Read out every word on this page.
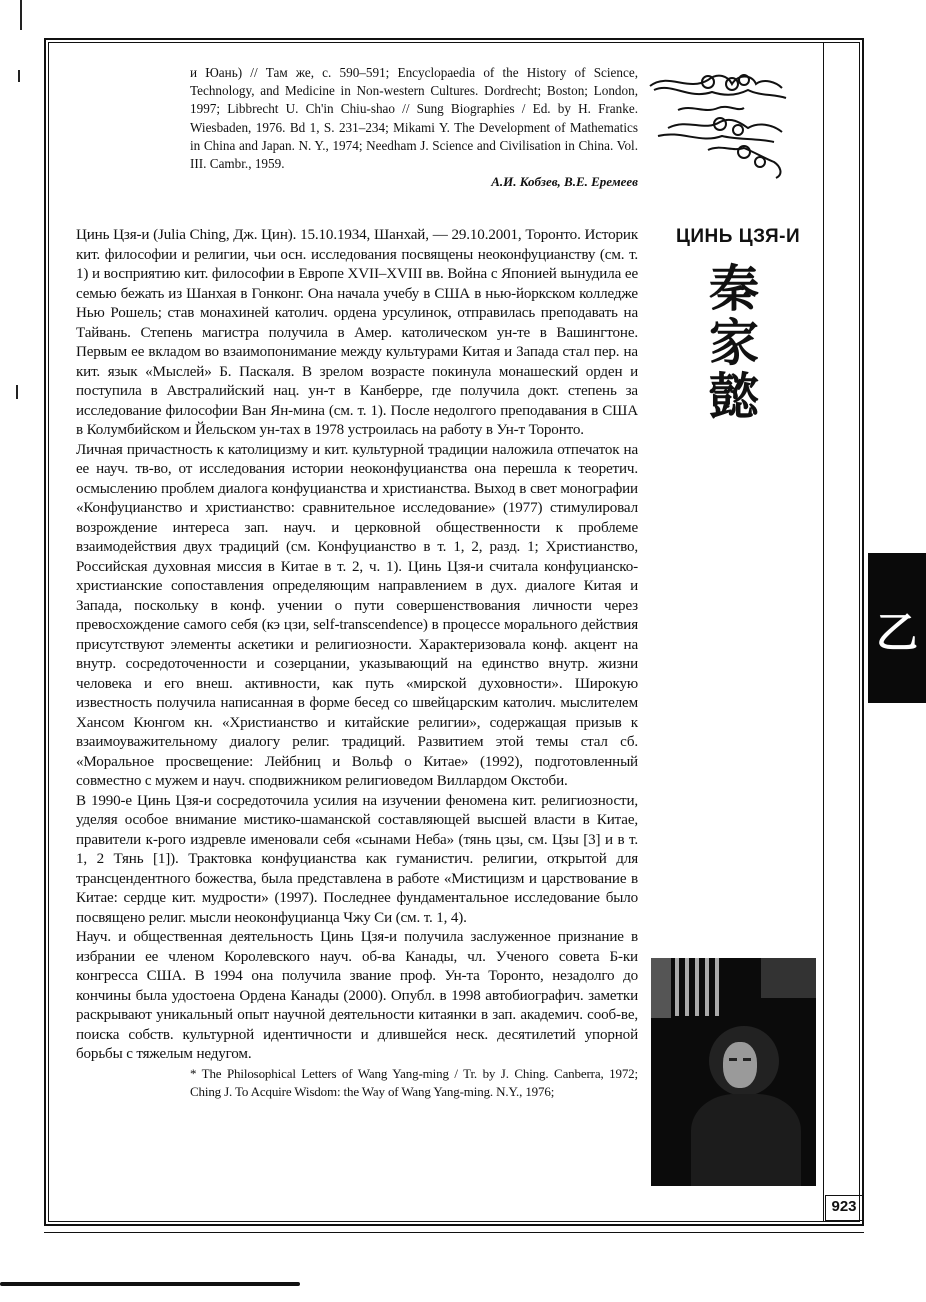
и Юань) // Там же, с. 590–591; Encyclopaedia of the History of Science, Technology, and Medicine in Non-western Cultures. Dordrecht; Boston; London, 1997; Libbrecht U. Ch'in Chiu-shao // Sung Biographies / Ed. by H. Franke. Wiesbaden, 1976. Bd 1, S. 231–234; Mikami Y. The Development of Mathematics in China and Japan. N. Y., 1974; Needham J. Science and Civilisation in China. Vol. III. Cambr., 1959.

А.И. Кобзев, В.Е. Еремеев
ЦИНЬ ЦЗЯ-И
秦
家
懿

Цинь Цзя-и (Julia Ching, Дж. Цин). 15.10.1934, Шанхай, — 29.10.2001, Торонто. Историк кит. философии и религии, чьи осн. исследования посвящены неоконфуцианству (см. т. 1) и восприятию кит. философии в Европе XVII–XVIII вв. Война с Японией вынудила ее семью бежать из Шанхая в Гонконг. Она начала учебу в США в нью-йоркском колледже Нью Рошель; став монахиней католич. ордена урсулинок, отправилась преподавать на Тайвань. Степень магистра получила в Амер. католическом ун-те в Вашингтоне. Первым ее вкладом во взаимопонимание между культурами Китая и Запада стал пер. на кит. язык «Мыслей» Б. Паскаля. В зрелом возрасте покинула монашеский орден и поступила в Австралийский нац. ун-т в Канберре, где получила докт. степень за исследование философии Ван Ян-мина (см. т. 1). После недолгого преподавания в США в Колумбийском и Йельском ун-тах в 1978 устроилась на работу в Ун-т Торонто.

Личная причастность к католицизму и кит. культурной традиции наложила отпечаток на ее науч. тв-во, от исследования истории неоконфуцианства она перешла к теоретич. осмыслению проблем диалога конфуцианства и христианства. Выход в свет монографии «Конфуцианство и христианство: сравнительное исследование» (1977) стимулировал возрождение интереса зап. науч. и церковной общественности к проблеме взаимодействия двух традиций (см. Конфуцианство в т. 1, 2, разд. 1; Христианство, Российская духовная миссия в Китае в т. 2, ч. 1). Цинь Цзя-и считала конфуцианско-христианские сопоставления определяющим направлением в дух. диалоге Китая и Запада, поскольку в конф. учении о пути совершенствования личности через превосхождение самого себя (кэ цзи, self-transcendence) в процессе морального действия присутствуют элементы аскетики и религиозности. Характеризовала конф. акцент на внутр. сосредоточенности и созерцании, указывающий на единство внутр. жизни человека и его внеш. активности, как путь «мирской духовности». Широкую известность получила написанная в форме бесед со швейцарским католич. мыслителем Хансом Кюнгом кн. «Христианство и китайские религии», содержащая призыв к взаимоуважительному диалогу религ. традиций. Развитием этой темы стал сб. «Моральное просвещение: Лейбниц и Вольф о Китае» (1992), подготовленный совместно с мужем и науч. сподвижником религиоведом Виллардом Окстоби.

В 1990-е Цинь Цзя-и сосредоточила усилия на изучении феномена кит. религиозности, уделяя особое внимание мистико-шаманской составляющей высшей власти в Китае, правители к-рого издревле именовали себя «сынами Неба» (тянь цзы, см. Цзы [3] и в т. 1, 2 Тянь [1]). Трактовка конфуцианства как гуманистич. религии, открытой для трансцендентного божества, была представлена в работе «Мистицизм и царствование в Китае: сердце кит. мудрости» (1997). Последнее фундаментальное исследование было посвящено религ. мысли неоконфуцианца Чжу Си (см. т. 1, 4).

Науч. и общественная деятельность Цинь Цзя-и получила заслуженное признание в избрании ее членом Королевского науч. об-ва Канады, чл. Ученого совета Б-ки конгресса США. В 1994 она получила звание проф. Ун-та Торонто, незадолго до кончины была удостоена Ордена Канады (2000). Опубл. в 1998 автобиографич. заметки раскрывают уникальный опыт научной деятельности китаянки в зап. академич. сооб-ве, поиска собств. культурной идентичности и длившейся неск. десятилетий упорной борьбы с тяжелым недугом.

* The Philosophical Letters of Wang Yang-ming / Tr. by J. Ching. Canberra, 1972; Ching J. To Acquire Wisdom: the Way of Wang Yang-ming. N.Y., 1976;

乙
923
